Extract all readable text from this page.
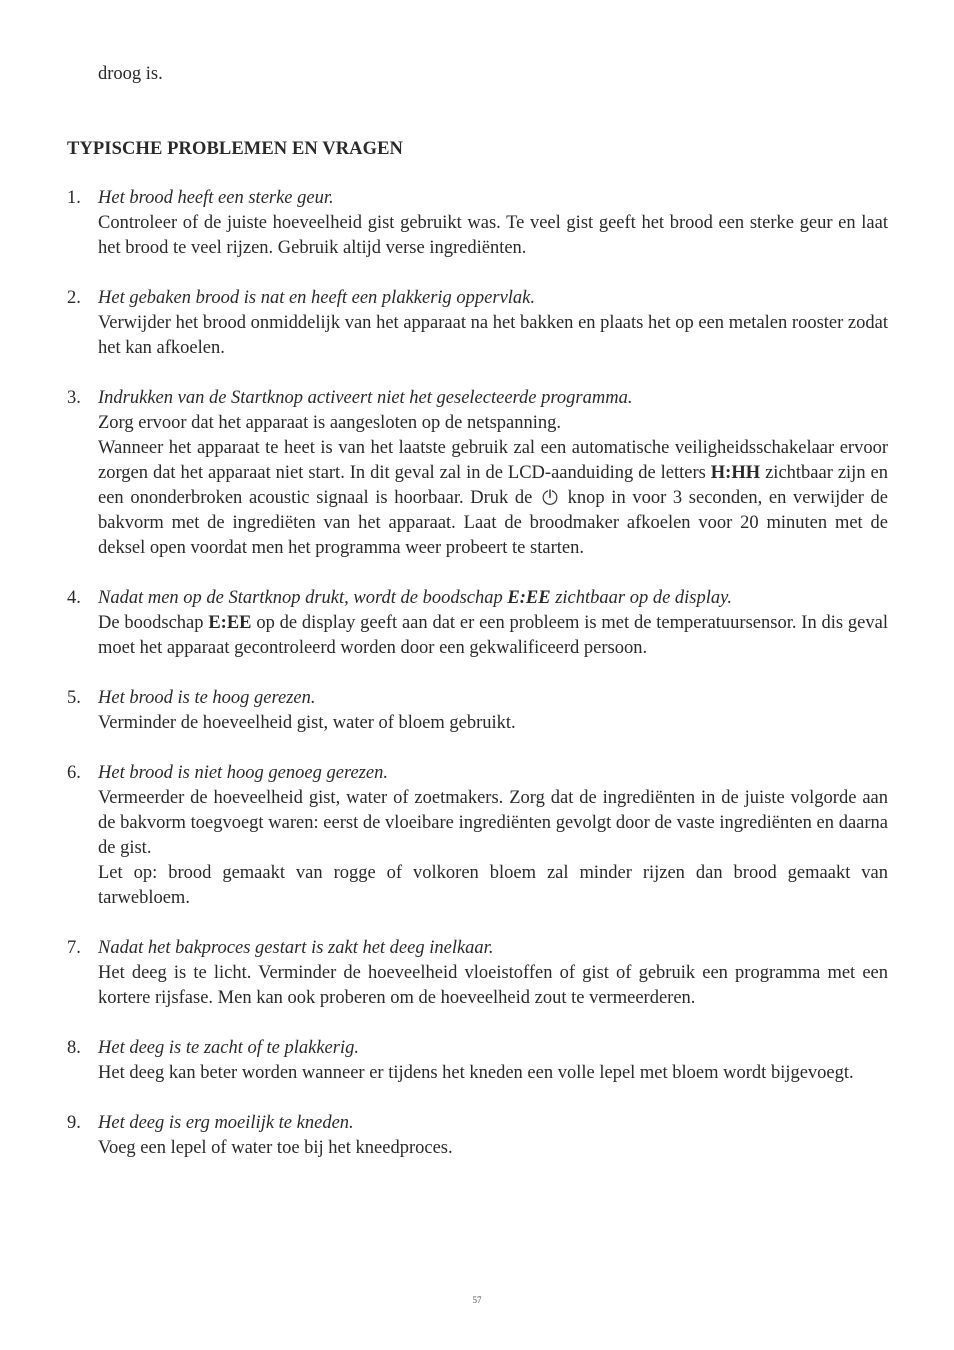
droog is.
TYPISCHE PROBLEMEN EN VRAGEN
1. Het brood heeft een sterke geur.
Controleer of de juiste hoeveelheid gist gebruikt was. Te veel gist geeft het brood een sterke geur en laat het brood te veel rijzen. Gebruik altijd verse ingrediënten.
2. Het gebaken brood is nat en heeft een plakkerig oppervlak.
Verwijder het brood onmiddelijk van het apparaat na het bakken en plaats het op een metalen rooster zodat het kan afkoelen.
3. Indrukken van de Startknop activeert niet het geselecteerde programma.
Zorg ervoor dat het apparaat is aangesloten op de netspanning.
Wanneer het apparaat te heet is van het laatste gebruik zal een automatische veiligheidsschakelaar ervoor zorgen dat het apparaat niet start. In dit geval zal in de LCD-aanduiding de letters H:HH zichtbaar zijn en een ononderbroken acoustic signaal is hoorbaar. Druk de  knop in voor 3 seconden, en verwijder de bakvorm met de ingrediëten van het apparaat. Laat de broodmaker afkoelen voor 20 minuten met de deksel open voordat men het programma weer probeert te starten.
4. Nadat men op de Startknop drukt, wordt de boodschap E:EE zichtbaar op de display.
De boodschap E:EE op de display geeft aan dat er een probleem is met de temperatuursensor. In dis geval moet het apparaat gecontroleerd worden door een gekwalificeerd persoon.
5. Het brood is te hoog gerezen.
Verminder de hoeveelheid gist, water of bloem gebruikt.
6. Het brood is niet hoog genoeg gerezen.
Vermeerder de hoeveelheid gist, water of zoetmakers. Zorg dat de ingrediënten in de juiste volgorde aan de bakvorm toegvoegt waren: eerst de vloeibare ingrediënten gevolgt door de vaste ingrediënten en daarna de gist.
Let op: brood gemaakt van rogge of volkoren bloem zal minder rijzen dan brood gemaakt van tarwebloem.
7. Nadat het bakproces gestart is zakt het deeg inelkaar.
Het deeg is te licht. Verminder de hoeveelheid vloeistoffen of gist of gebruik een programma met een kortere rijsfase. Men kan ook proberen om de hoeveelheid zout te vermeerderen.
8. Het deeg is te zacht of te plakkerig.
Het deeg kan beter worden wanneer er tijdens het kneden een volle lepel met bloem wordt bijgevoegt.
9. Het deeg is erg moeilijk te kneden.
Voeg een lepel of water toe bij het kneedproces.
57
